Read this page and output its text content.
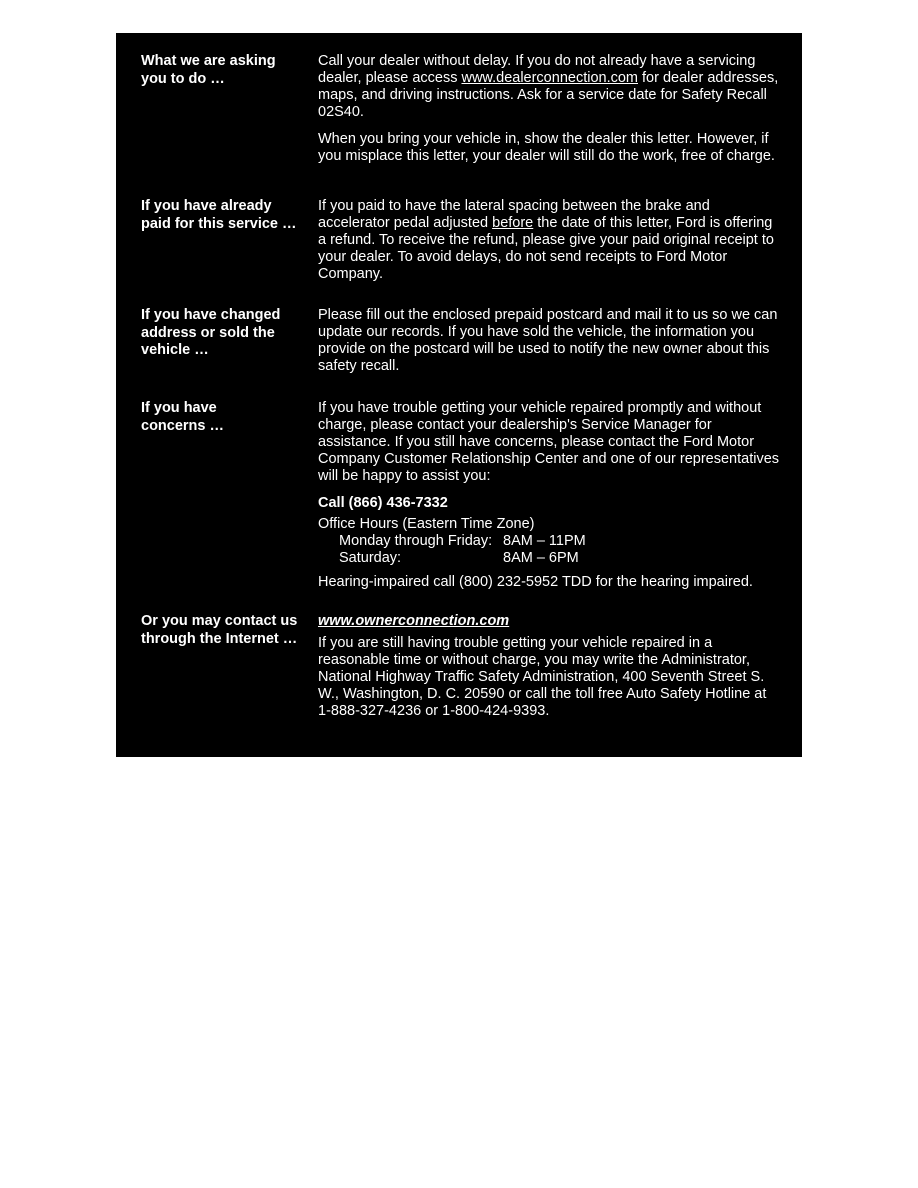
What we are asking
you to do …

Call your dealer without delay. If you do not already have a servicing dealer, please access www.dealerconnection.com for dealer addresses, maps, and driving instructions. Ask for a service date for Safety Recall 02S40.

When you bring your vehicle in, show the dealer this letter. However, if you misplace this letter, your dealer will still do the work, free of charge.

If you have already
paid for this service …

If you paid to have the lateral spacing between the brake and accelerator pedal adjusted before the date of this letter, Ford is offering a refund. To receive the refund, please give your paid original receipt to your dealer. To avoid delays, do not send receipts to Ford Motor Company.

If you have changed
address or sold the
vehicle …

Please fill out the enclosed prepaid postcard and mail it to us so we can update our records. If you have sold the vehicle, the information you provide on the postcard will be used to notify the new owner about this safety recall.

If you have
concerns …

If you have trouble getting your vehicle repaired promptly and without charge, please contact your dealership's Service Manager for assistance. If you still have concerns, please contact the Ford Motor Company Customer Relationship Center and one of our representatives will be happy to assist you:

Call (866) 436-7332

Office Hours (Eastern Time Zone)

Monday through Friday: 8AM – 11PM
Saturday:	8AM – 6PM

Hearing-impaired call (800) 232-5952 TDD for the hearing impaired.

Or you may contact us
through the Internet …

www.ownerconnection.com

If you are still having trouble getting your vehicle repaired in a reasonable time or without charge, you may write the Administrator, National Highway Traffic Safety Administration, 400 Seventh Street S. W., Washington, D. C. 20590 or call the toll free Auto Safety Hotline at 1-888-327-4236 or 1-800-424-9393.
